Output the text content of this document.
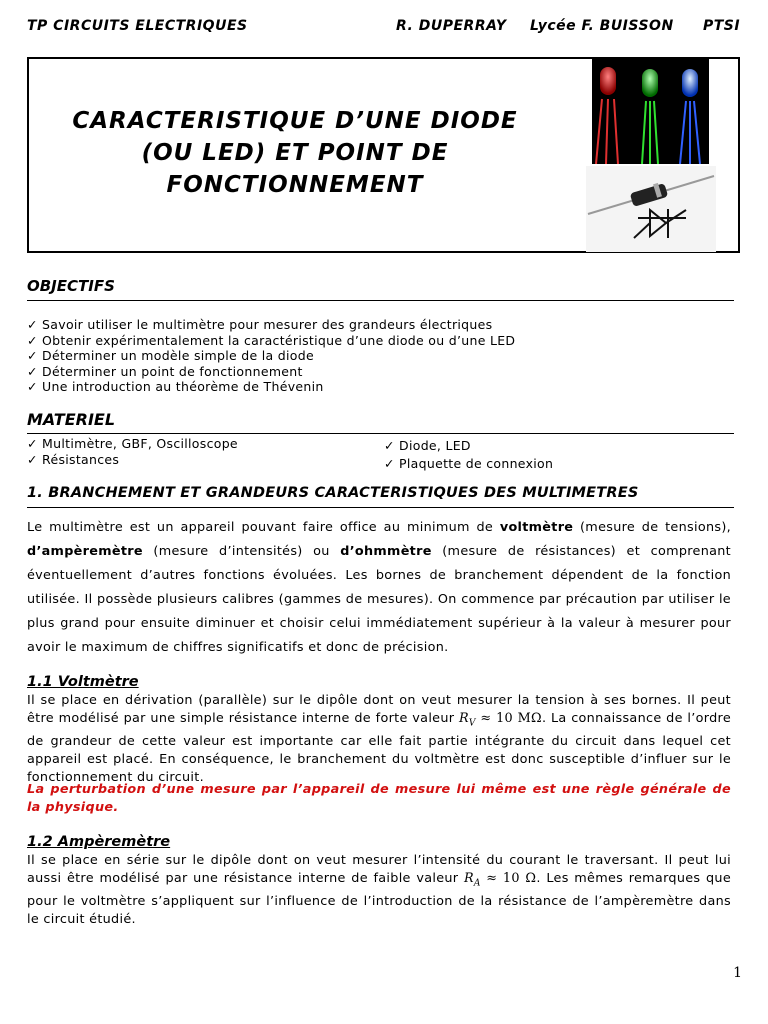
TP CIRCUITS ELECTRIQUES	R. DUPERRAY Lycée F. BUISSON PTSI
CARACTERISTIQUE D’UNE DIODE
(OU LED) ET POINT DE
FONCTIONNEMENT
OBJECTIFS
✓ Savoir utiliser le multimètre pour mesurer des grandeurs électriques
✓ Obtenir expérimentalement la caractéristique d’une diode ou d’une LED
✓ Déterminer un modèle simple de la diode
✓ Déterminer un point de fonctionnement
✓ Une introduction au théorème de Thévenin
MATERIEL
✓ Multimètre, GBF, Oscilloscope
✓ Résistances
✓ Diode, LED
✓ Plaquette de connexion
1. BRANCHEMENT ET GRANDEURS CARACTERISTIQUES DES MULTIMETRES

Le multimètre est un appareil pouvant faire office au minimum de voltmètre (mesure de tensions), d’ampèremètre (mesure d’intensités) ou d’ohmmètre (mesure de résistances) et comprenant éventuellement d’autres fonctions évoluées. Les bornes de branchement dépendent de la fonction utilisée. Il possède plusieurs calibres (gammes de mesures). On commence par précaution par utiliser le plus grand pour ensuite diminuer et choisir celui immédiatement supérieur à la valeur à mesurer pour avoir le maximum de chiffres significatifs et donc de précision.

1.1 Voltmètre

Il se place en dérivation (parallèle) sur le dipôle dont on veut mesurer la tension à ses bornes. Il peut être modélisé par une simple résistance interne de forte valeur $R_V \approx 10$ MΩ. La connaissance de l’ordre de grandeur de cette valeur est importante car elle fait partie intégrante du circuit dans lequel cet appareil est placé. En conséquence, le branchement du voltmètre est donc susceptible d’influer sur le fonctionnement du circuit.

La perturbation d’une mesure par l’appareil de mesure lui même est une règle générale de la physique.

1.2 Ampèremètre

Il se place en série sur le dipôle dont on veut mesurer l’intensité du courant le traversant. Il peut lui aussi être modélisé par une résistance interne de faible valeur $R_A \approx 10$ Ω. Les mêmes remarques que pour le voltmètre s’appliquent sur l’influence de l’introduction de la résistance de l’ampèremètre dans le circuit étudié.

1
